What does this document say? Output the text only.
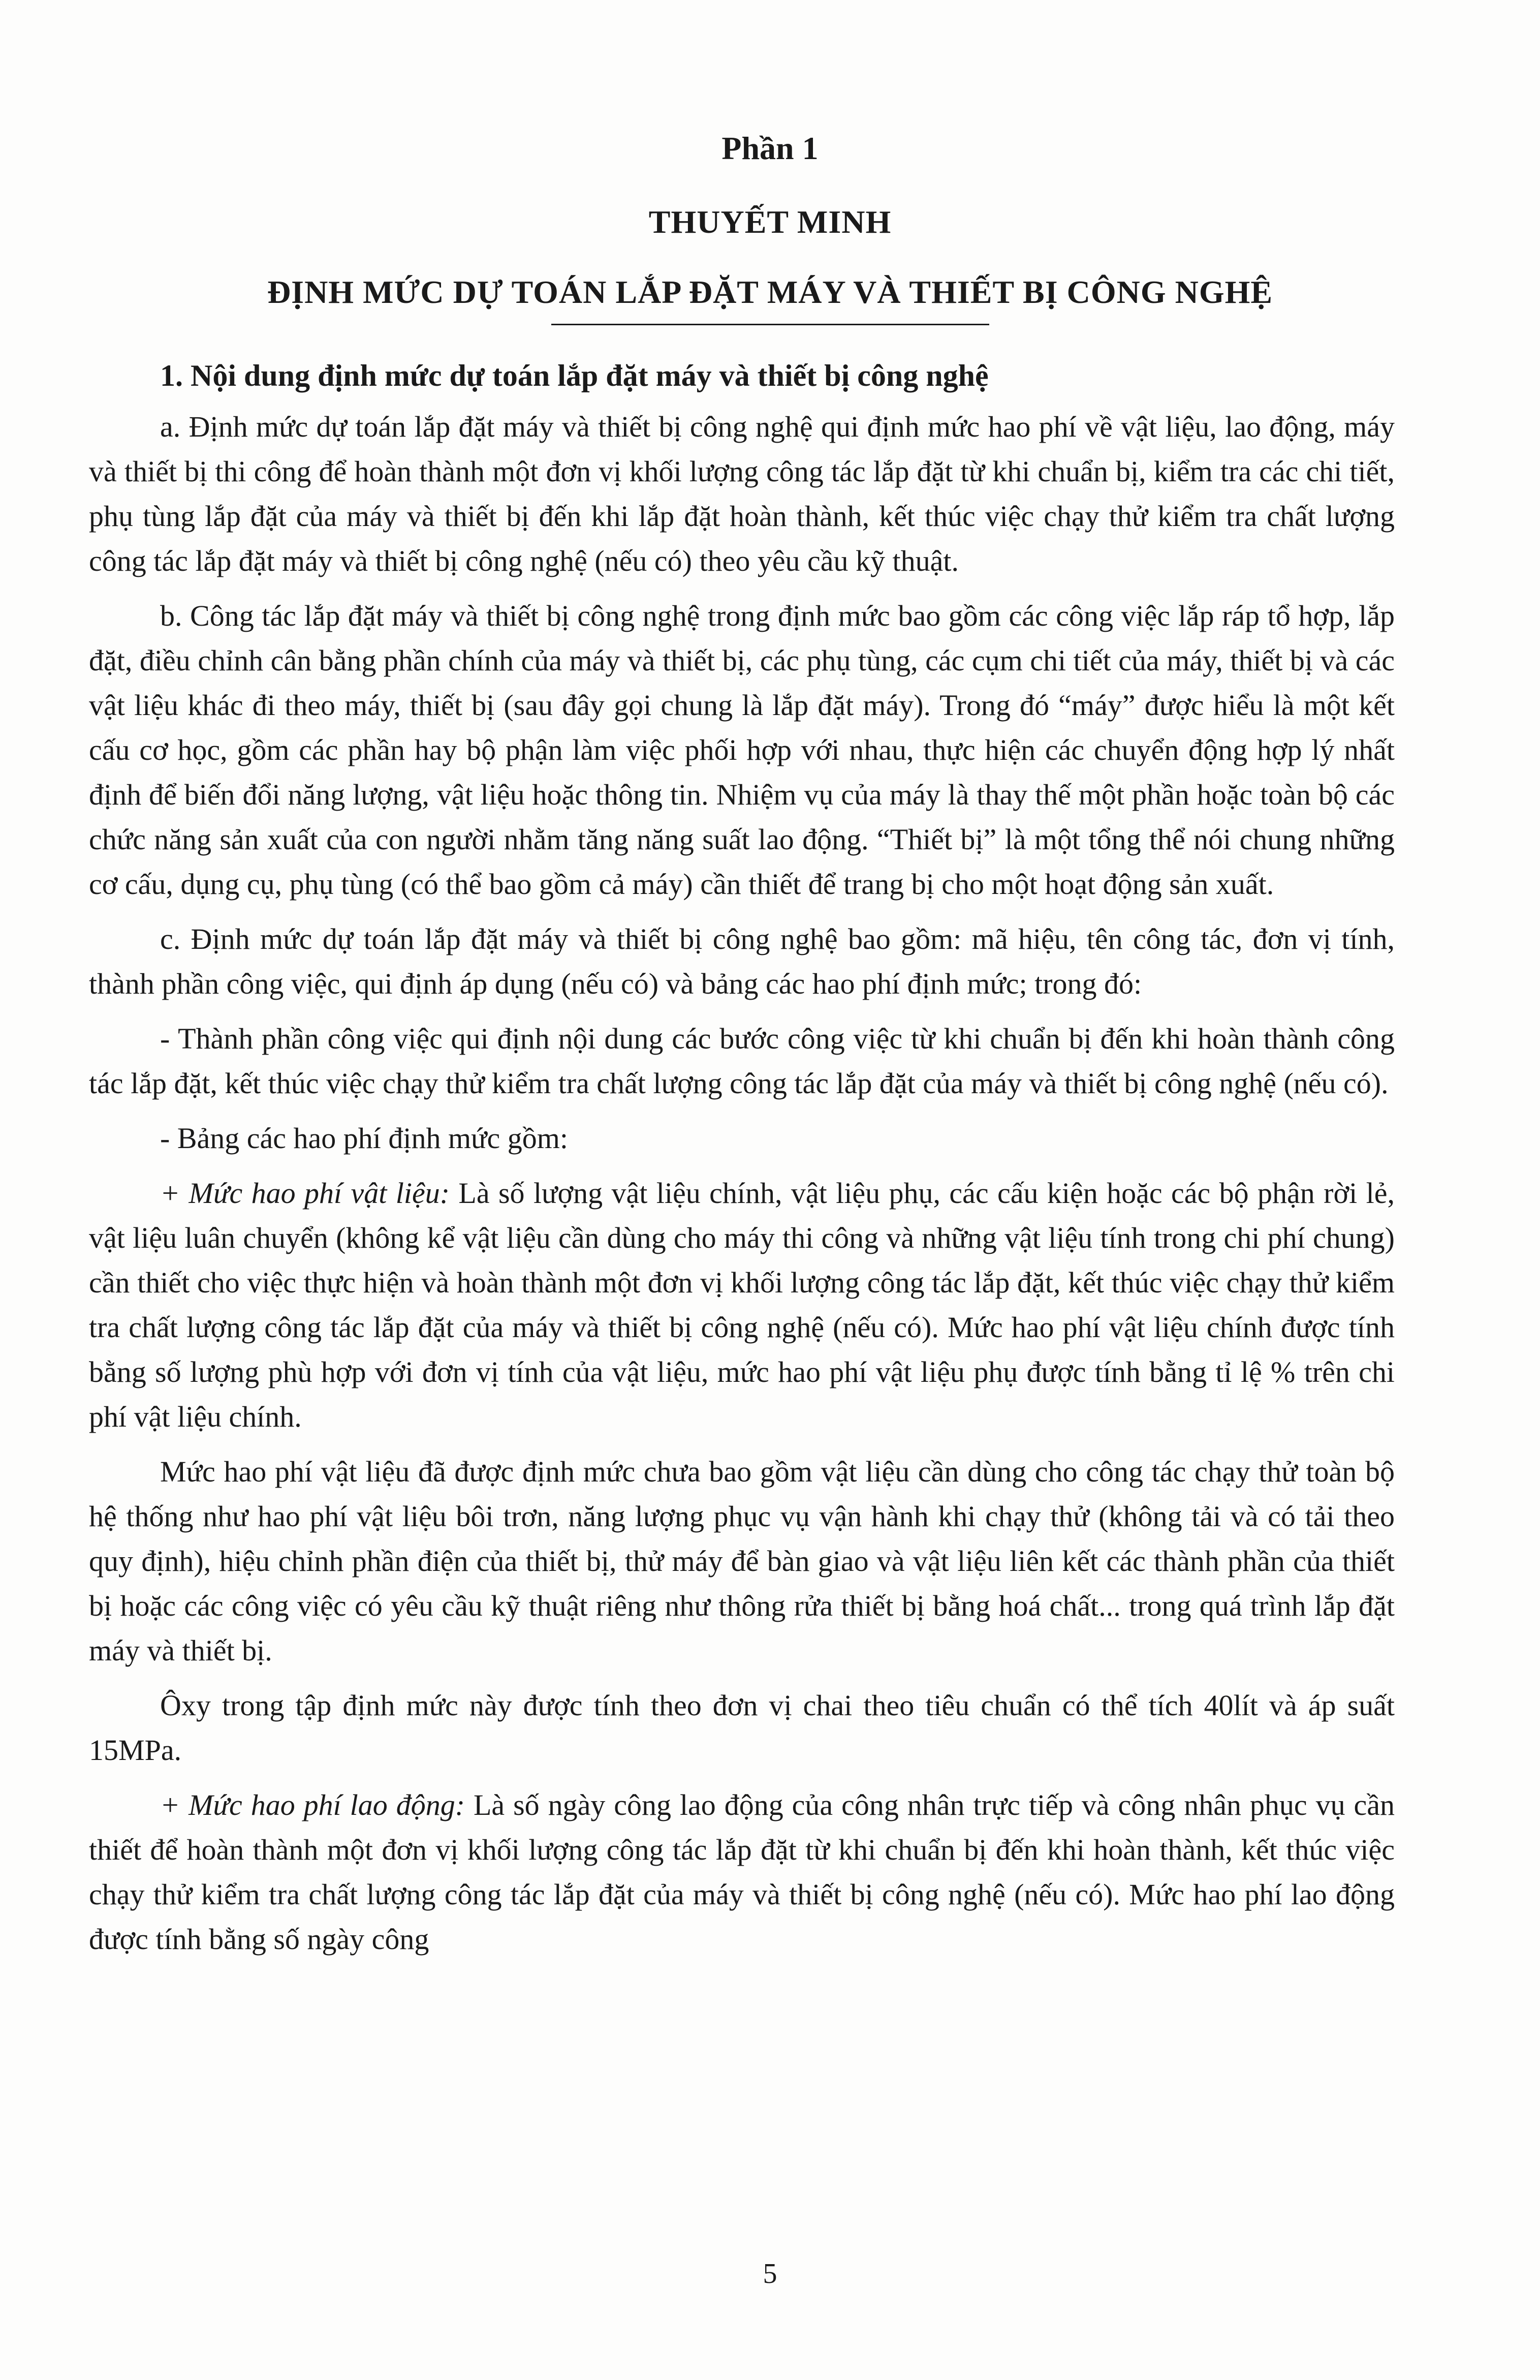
Phần 1
THUYẾT MINH
ĐỊNH MỨC DỰ TOÁN LẮP ĐẶT MÁY VÀ THIẾT BỊ CÔNG NGHỆ
1. Nội dung định mức dự toán lắp đặt máy và thiết bị công nghệ

a. Định mức dự toán lắp đặt máy và thiết bị công nghệ qui định mức hao phí về vật liệu, lao động, máy và thiết bị thi công để hoàn thành một đơn vị khối lượng công tác lắp đặt từ khi chuẩn bị, kiểm tra các chi tiết, phụ tùng lắp đặt của máy và thiết bị đến khi lắp đặt hoàn thành, kết thúc việc chạy thử kiểm tra chất lượng công tác lắp đặt máy và thiết bị công nghệ (nếu có) theo yêu cầu kỹ thuật.

b. Công tác lắp đặt máy và thiết bị công nghệ trong định mức bao gồm các công việc lắp ráp tổ hợp, lắp đặt, điều chỉnh cân bằng phần chính của máy và thiết bị, các phụ tùng, các cụm chi tiết của máy, thiết bị và các vật liệu khác đi theo máy, thiết bị (sau đây gọi chung là lắp đặt máy). Trong đó “máy” được hiểu là một kết cấu cơ học, gồm các phần hay bộ phận làm việc phối hợp với nhau, thực hiện các chuyển động hợp lý nhất định để biến đổi năng lượng, vật liệu hoặc thông tin. Nhiệm vụ của máy là thay thế một phần hoặc toàn bộ các chức năng sản xuất của con người nhằm tăng năng suất lao động. “Thiết bị” là một tổng thể nói chung những cơ cấu, dụng cụ, phụ tùng (có thể bao gồm cả máy) cần thiết để trang bị cho một hoạt động sản xuất.

c. Định mức dự toán lắp đặt máy và thiết bị công nghệ bao gồm: mã hiệu, tên công tác, đơn vị tính, thành phần công việc, qui định áp dụng (nếu có) và bảng các hao phí định mức; trong đó:

- Thành phần công việc qui định nội dung các bước công việc từ khi chuẩn bị đến khi hoàn thành công tác lắp đặt, kết thúc việc chạy thử kiểm tra chất lượng công tác lắp đặt của máy và thiết bị công nghệ (nếu có).

- Bảng các hao phí định mức gồm:

+ Mức hao phí vật liệu: Là số lượng vật liệu chính, vật liệu phụ, các cấu kiện hoặc các bộ phận rời lẻ, vật liệu luân chuyển (không kể vật liệu cần dùng cho máy thi công và những vật liệu tính trong chi phí chung) cần thiết cho việc thực hiện và hoàn thành một đơn vị khối lượng công tác lắp đặt, kết thúc việc chạy thử kiểm tra chất lượng công tác lắp đặt của máy và thiết bị công nghệ (nếu có). Mức hao phí vật liệu chính được tính bằng số lượng phù hợp với đơn vị tính của vật liệu, mức hao phí vật liệu phụ được tính bằng tỉ lệ % trên chi phí vật liệu chính.

Mức hao phí vật liệu đã được định mức chưa bao gồm vật liệu cần dùng cho công tác chạy thử toàn bộ hệ thống như hao phí vật liệu bôi trơn, năng lượng phục vụ vận hành khi chạy thử (không tải và có tải theo quy định), hiệu chỉnh phần điện của thiết bị, thử máy để bàn giao và vật liệu liên kết các thành phần của thiết bị hoặc các công việc có yêu cầu kỹ thuật riêng như thông rửa thiết bị bằng hoá chất... trong quá trình lắp đặt máy và thiết bị.

Ôxy trong tập định mức này được tính theo đơn vị chai theo tiêu chuẩn có thể tích 40lít và áp suất 15MPa.

+ Mức hao phí lao động: Là số ngày công lao động của công nhân trực tiếp và công nhân phục vụ cần thiết để hoàn thành một đơn vị khối lượng công tác lắp đặt từ khi chuẩn bị đến khi hoàn thành, kết thúc việc chạy thử kiểm tra chất lượng công tác lắp đặt của máy và thiết bị công nghệ (nếu có). Mức hao phí lao động được tính bằng số ngày công

5
